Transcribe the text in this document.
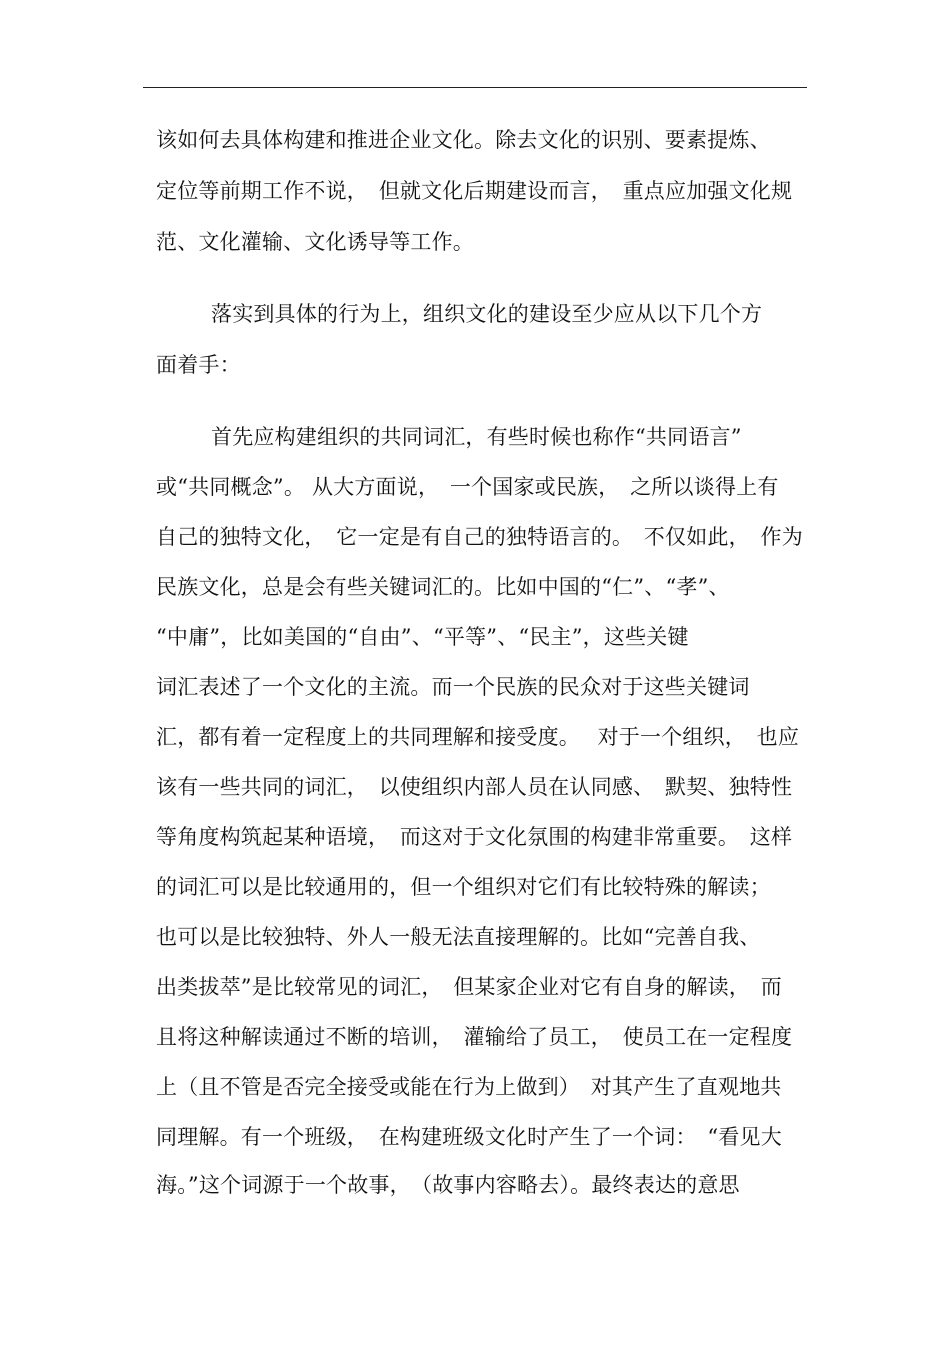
该如何去具体构建和推进企业文化。除去文化的识别、要素提炼、
定位等前期工作不说，　但就文化后期建设而言，　重点应加强文化规
范、文化灌输、文化诱导等工作。
落实到具体的行为上，组织文化的建设至少应从以下几个方
面着手：
首先应构建组织的共同词汇，有些时候也称作“共同语言”
或“共同概念”。 从大方面说，　一个国家或民族，　之所以谈得上有
自己的独特文化，　它一定是有自己的独特语言的。　不仅如此，　作为
民族文化，总是会有些关键词汇的。比如中国的“仁”、“孝”、
“中庸”，比如美国的“自由”、“平等”、“民主”，这些关键
词汇表述了一个文化的主流。而一个民族的民众对于这些关键词
汇，都有着一定程度上的共同理解和接受度。　 对于一个组织，　也应
该有一些共同的词汇，　以使组织内部人员在认同感、　默契、独特性
等角度构筑起某种语境，　而这对于文化氛围的构建非常重要。　这样
的词汇可以是比较通用的，但一个组织对它们有比较特殊的解读；
也可以是比较独特、外人一般无法直接理解的。比如“完善自我、
出类拔萃”是比较常见的词汇，　但某家企业对它有自身的解读，　而
且将这种解读通过不断的培训，　灌输给了员工，　使员工在一定程度
上（且不管是否完全接受或能在行为上做到）　对其产生了直观地共
同理解。有一个班级，　在构建班级文化时产生了一个词：　“看见大
海。”这个词源于一个故事，　（故事内容略去）。最终表达的意思
